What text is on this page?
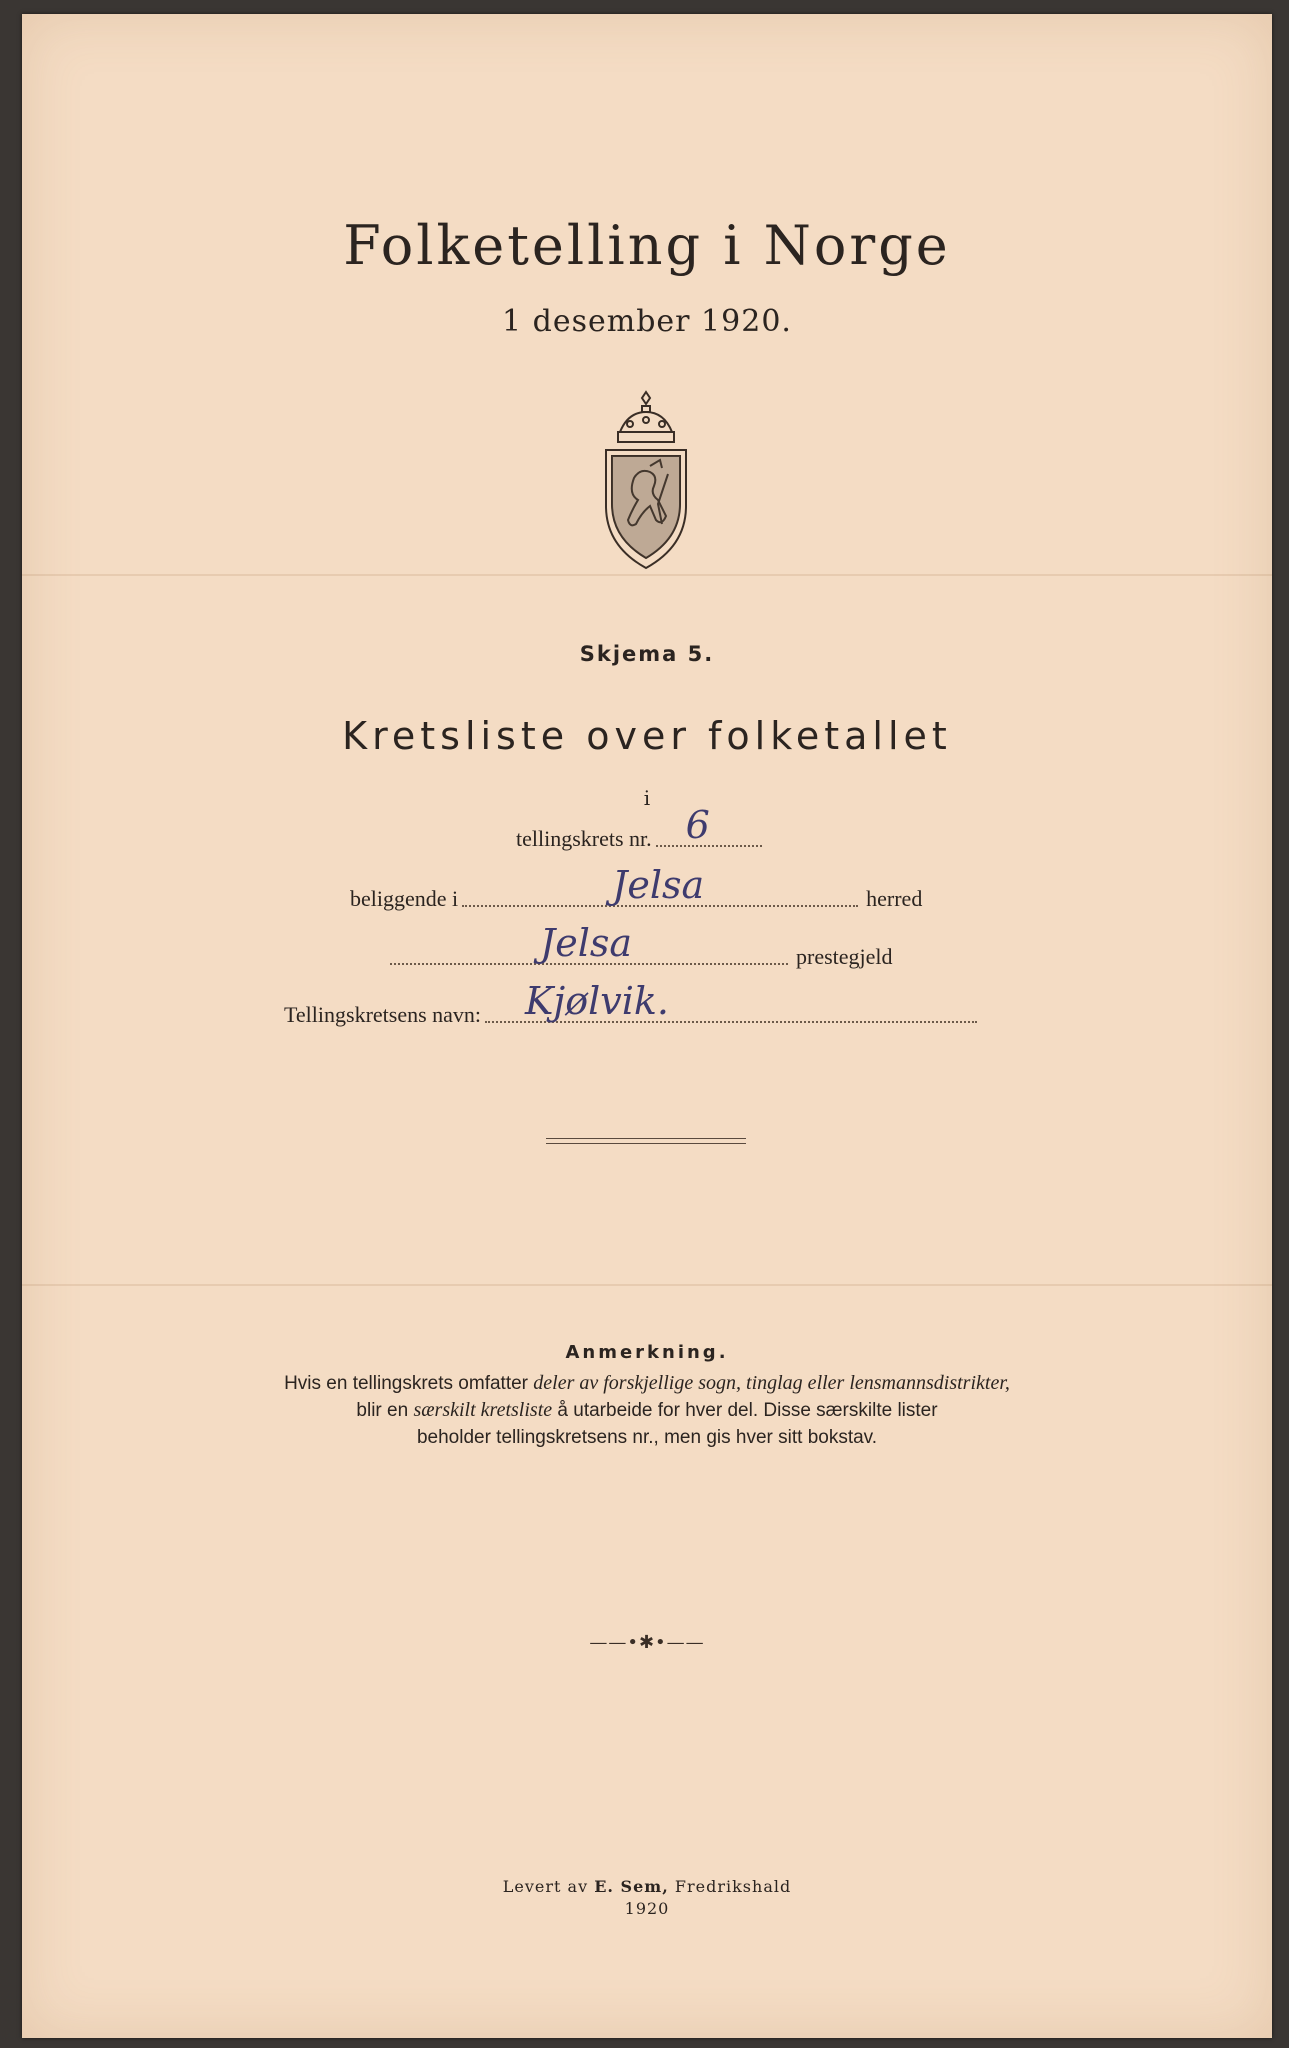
Folketelling i Norge
1 desember 1920.
Skjema 5.
Kretsliste over folketallet
i
tellingskrets nr. 6
beliggende i	Jelsa	herred
Jelsa	prestegjeld
Tellingskretsens navn: Kjølvik.
Anmerkning.
Hvis en tellingskrets omfatter deler av forskjellige sogn, tinglag eller lensmannsdistrikter,
blir en særskilt kretsliste å utarbeide for hver del. Disse særskilte lister
beholder tellingskretsens nr., men gis hver sitt bokstav.
——•✱•——
Levert av E. Sem, Fredrikshald
1920
